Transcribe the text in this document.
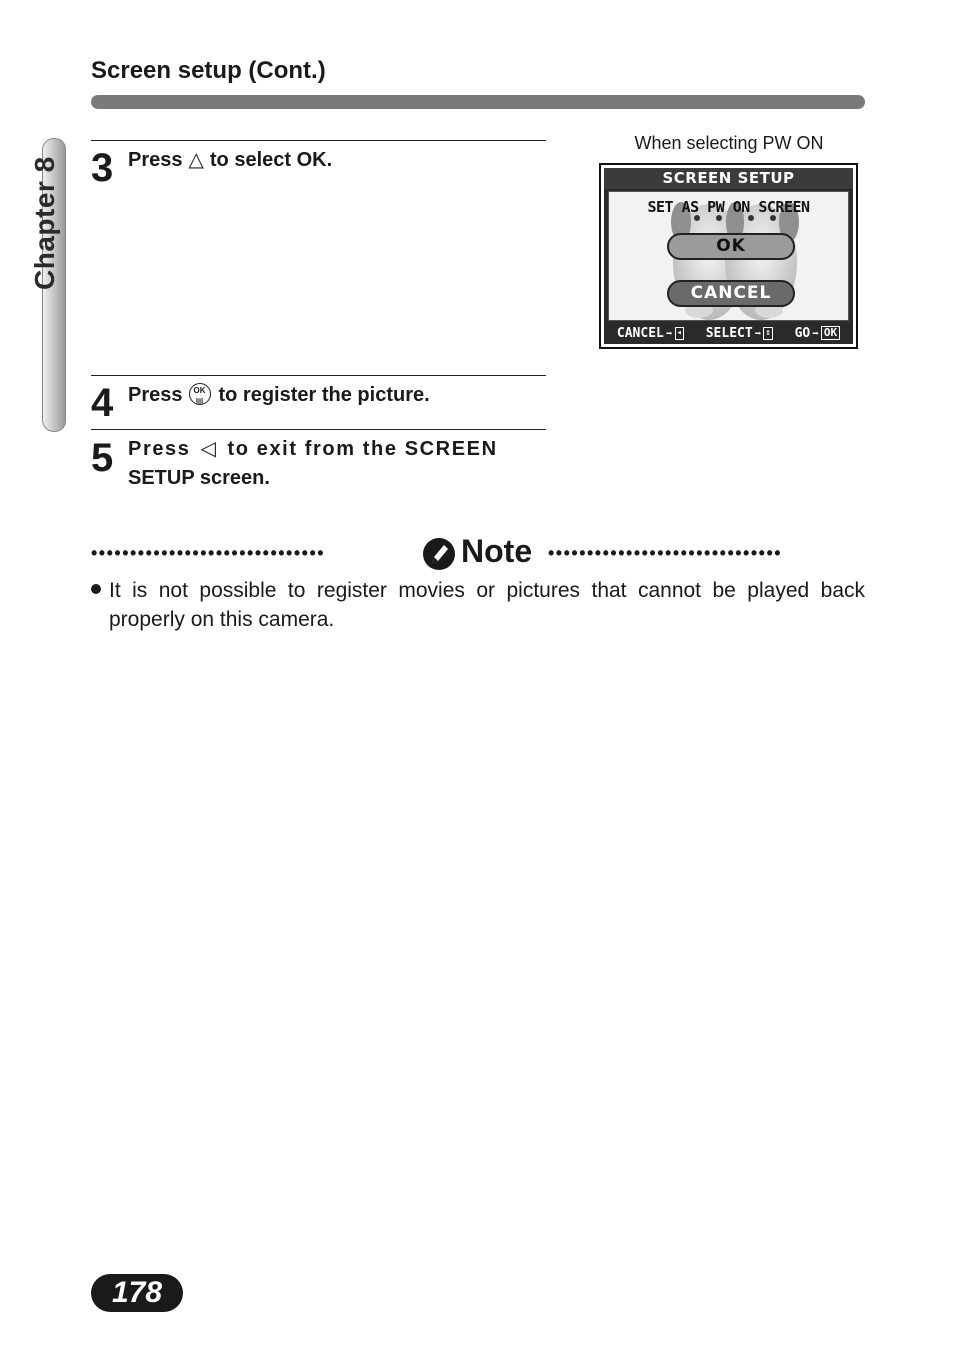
Screen setup (Cont.)
Chapter 8 3 Press △ to select OK.
4 Press	OK
▤ to register the picture.
5 Press ◁ to exit from the SCREEN
SETUP screen.
When selecting PW ON
SCREEN SETUP
SET AS PW ON SCREEN
OK
CANCEL
CANCEL ➡ ◂ SELECT ➡ ⇕ GO ➡ OK
••••••••••••••••••••••••••••••	Note ••••••••••••••••••••••••••••••
It is not possible to register movies or pictures that cannot be played back properly on this camera.
178
